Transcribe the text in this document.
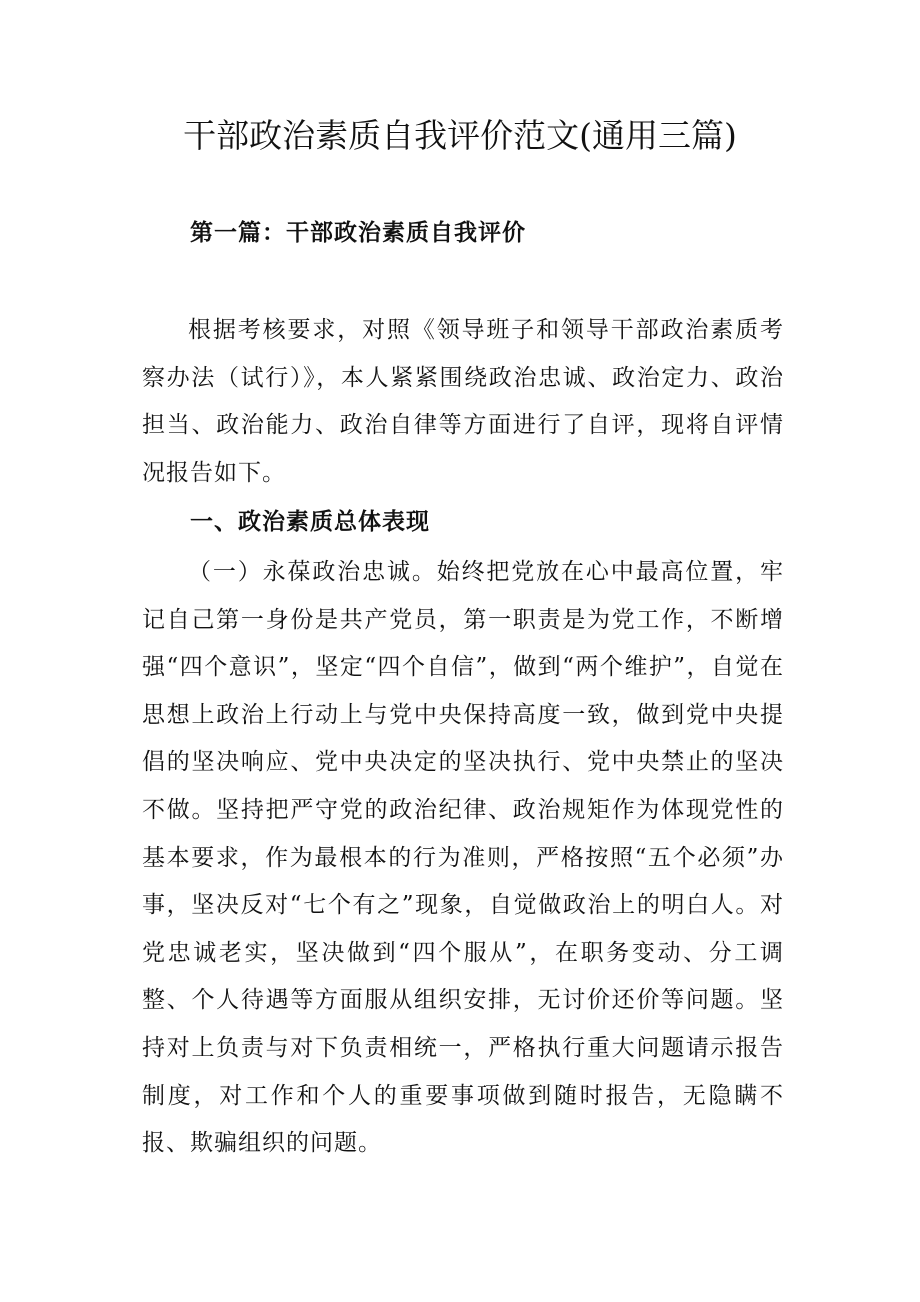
干部政治素质自我评价范文(通用三篇)
第一篇：干部政治素质自我评价

根据考核要求，对照《领导班子和领导干部政治素质考察办法（试行）》，本人紧紧围绕政治忠诚、政治定力、政治担当、政治能力、政治自律等方面进行了自评，现将自评情况报告如下。

一、政治素质总体表现

（一）永葆政治忠诚。始终把党放在心中最高位置，牢记自己第一身份是共产党员，第一职责是为党工作，不断增强“四个意识”，坚定“四个自信”，做到“两个维护”，自觉在思想上政治上行动上与党中央保持高度一致，做到党中央提倡的坚决响应、党中央决定的坚决执行、党中央禁止的坚决不做。坚持把严守党的政治纪律、政治规矩作为体现党性的基本要求，作为最根本的行为准则，严格按照“五个必须”办事，坚决反对“七个有之”现象，自觉做政治上的明白人。对党忠诚老实，坚决做到“四个服从”，在职务变动、分工调整、个人待遇等方面服从组织安排，无讨价还价等问题。坚持对上负责与对下负责相统一，严格执行重大问题请示报告制度，对工作和个人的重要事项做到随时报告，无隐瞒不报、欺骗组织的问题。
